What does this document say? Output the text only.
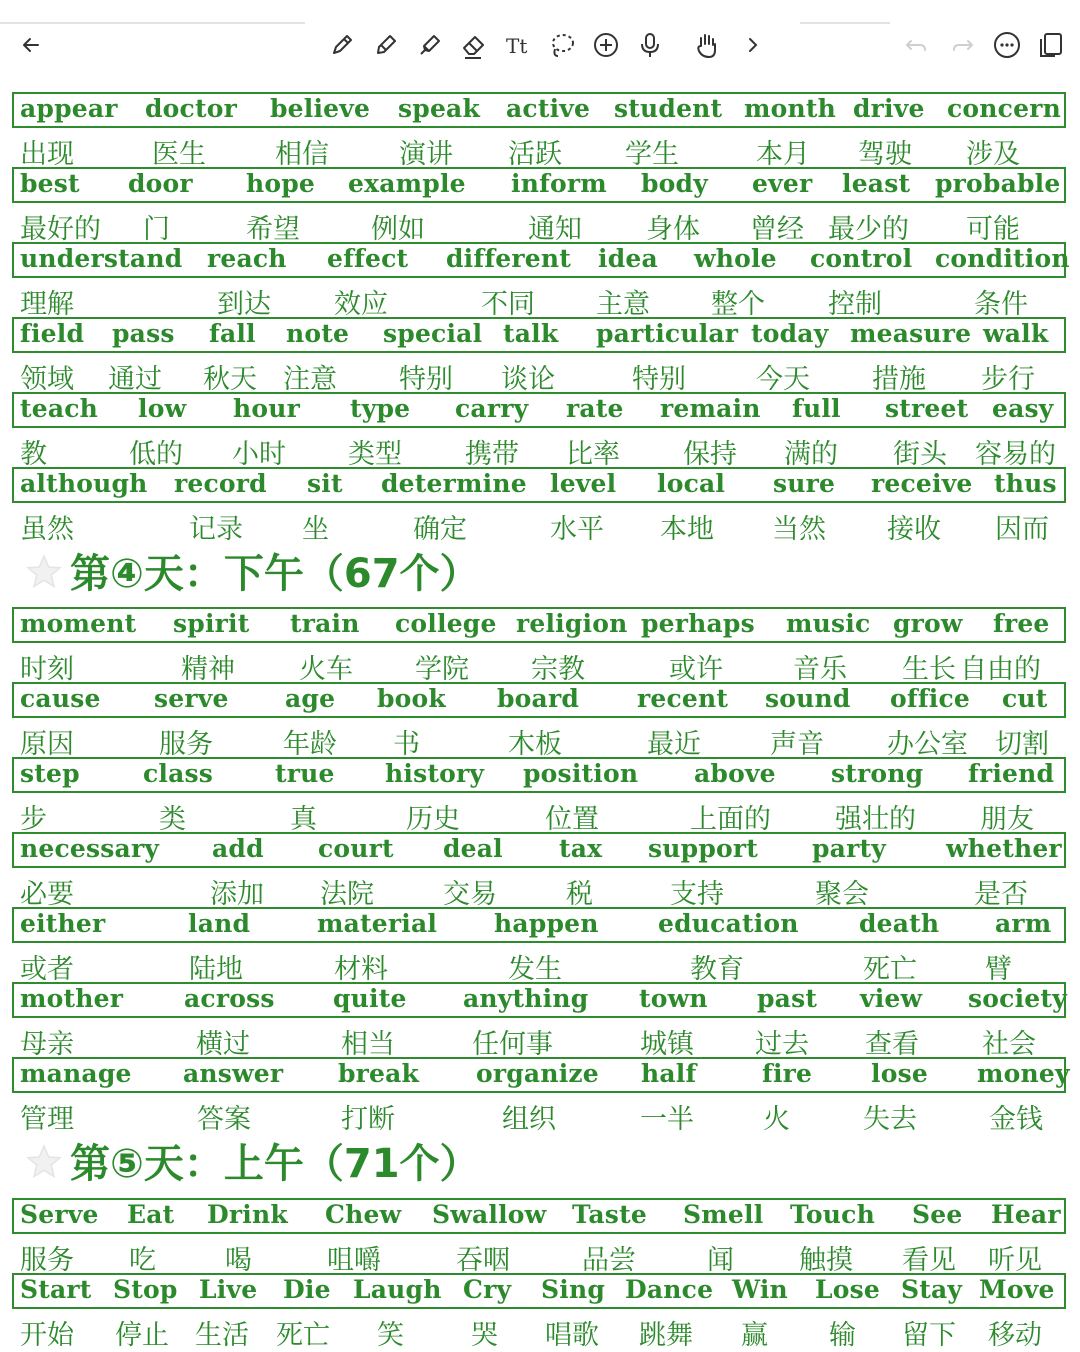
Tt
appear doctor believe speak active student month drive concern
出现	医生	相信	演讲 活跃 学生	本月 驾驶 涉及
best door hope example inform body ever least probable
最好的 门	希望	例如	通知 身体 曾经 最少的 可能
understand reach effect different idea whole control condition
理解	到达 效应	不同 主意 整个 控制	条件
field pass fall note special talk particular today measure walk
领域 通过 秋天 注意 特别 谈论	特别	今天 措施 步行
teach low hour type carry rate remain full street easy
教	低的 小时 类型 携带 比率 保持 满的 街头 容易的
although record sit determine level local sure receive thus
虽然	记录 坐	确定	水平 本地 当然 接收 因而
第④天：下午（67个）
moment spirit train college religion perhaps music grow free
时刻	精神 火车 学院 宗教	或许	音乐 生长 自由的
cause serve age book board recent sound office cut
原因	服务	年龄 书	木板	最近	声音 办公室 切割
step	class true history position above strong friend
步	类	真	历史	位置	上面的 强壮的 朋友
necessary add court deal tax support party whether
必要	添加 法院	交易	税	支持	聚会	是否
either	land	material happen education death arm
或者	陆地	材料	发生	教育	死亡	臂
mother across quite anything town past view society
母亲	横过	相当	任何事	城镇 过去 查看 社会
manage answer break organize half	fire lose money
管理	答案	打断	组织	一半	火	失去	金钱
第⑤天：上午（71个）
Serve Eat Drink Chew Swallow Taste Smell Touch See Hear
服务 吃	喝	咀嚼	吞咽	品尝	闻 触摸 看见 听见
Start Stop Live Die Laugh Cry Sing Dance Win Lose Stay Move
开始 停止 生活 死亡 笑 哭 唱歌 跳舞 赢 输 留下 移动
